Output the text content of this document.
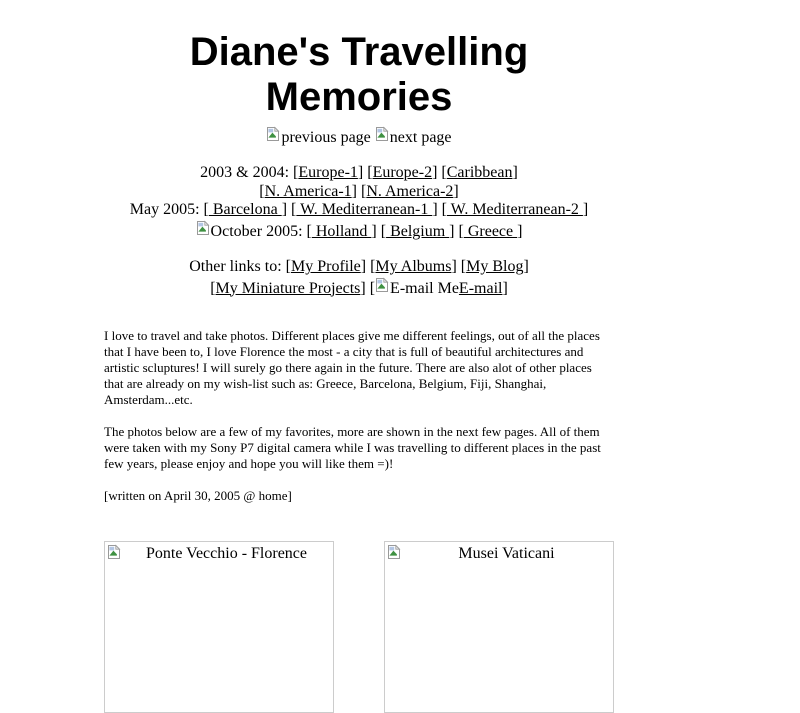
Diane's Travelling Memories
previous page next page
2003 & 2004: [Europe-1] [Europe-2] [Caribbean]
[N. America-1] [N. America-2]
May 2005: [ Barcelona ] [ W. Mediterranean-1 ] [ W. Mediterranean-2 ]
October 2005: [ Holland ] [ Belgium ] [ Greece ]
Other links to: [My Profile] [My Albums] [My Blog]
[My Miniature Projects] [ E-mail MeE-mail]

I love to travel and take photos. Different places give me different feelings, out of all the places that I have been to, I love Florence the most - a city that is full of beautiful architectures and artistic scluptures! I will surely go there again in the future. There are also alot of other places that are already on my wish-list such as: Greece, Barcelona, Belgium, Fiji, Shanghai, Amsterdam...etc.

The photos below are a few of my favorites, more are shown in the next few pages. All of them were taken with my Sony P7 digital camera while I was travelling to different places in the past few years, please enjoy and hope you will like them =)!

[written on April 30, 2005 @ home]
Ponte Vecchio - Florence	Musei Vaticani
